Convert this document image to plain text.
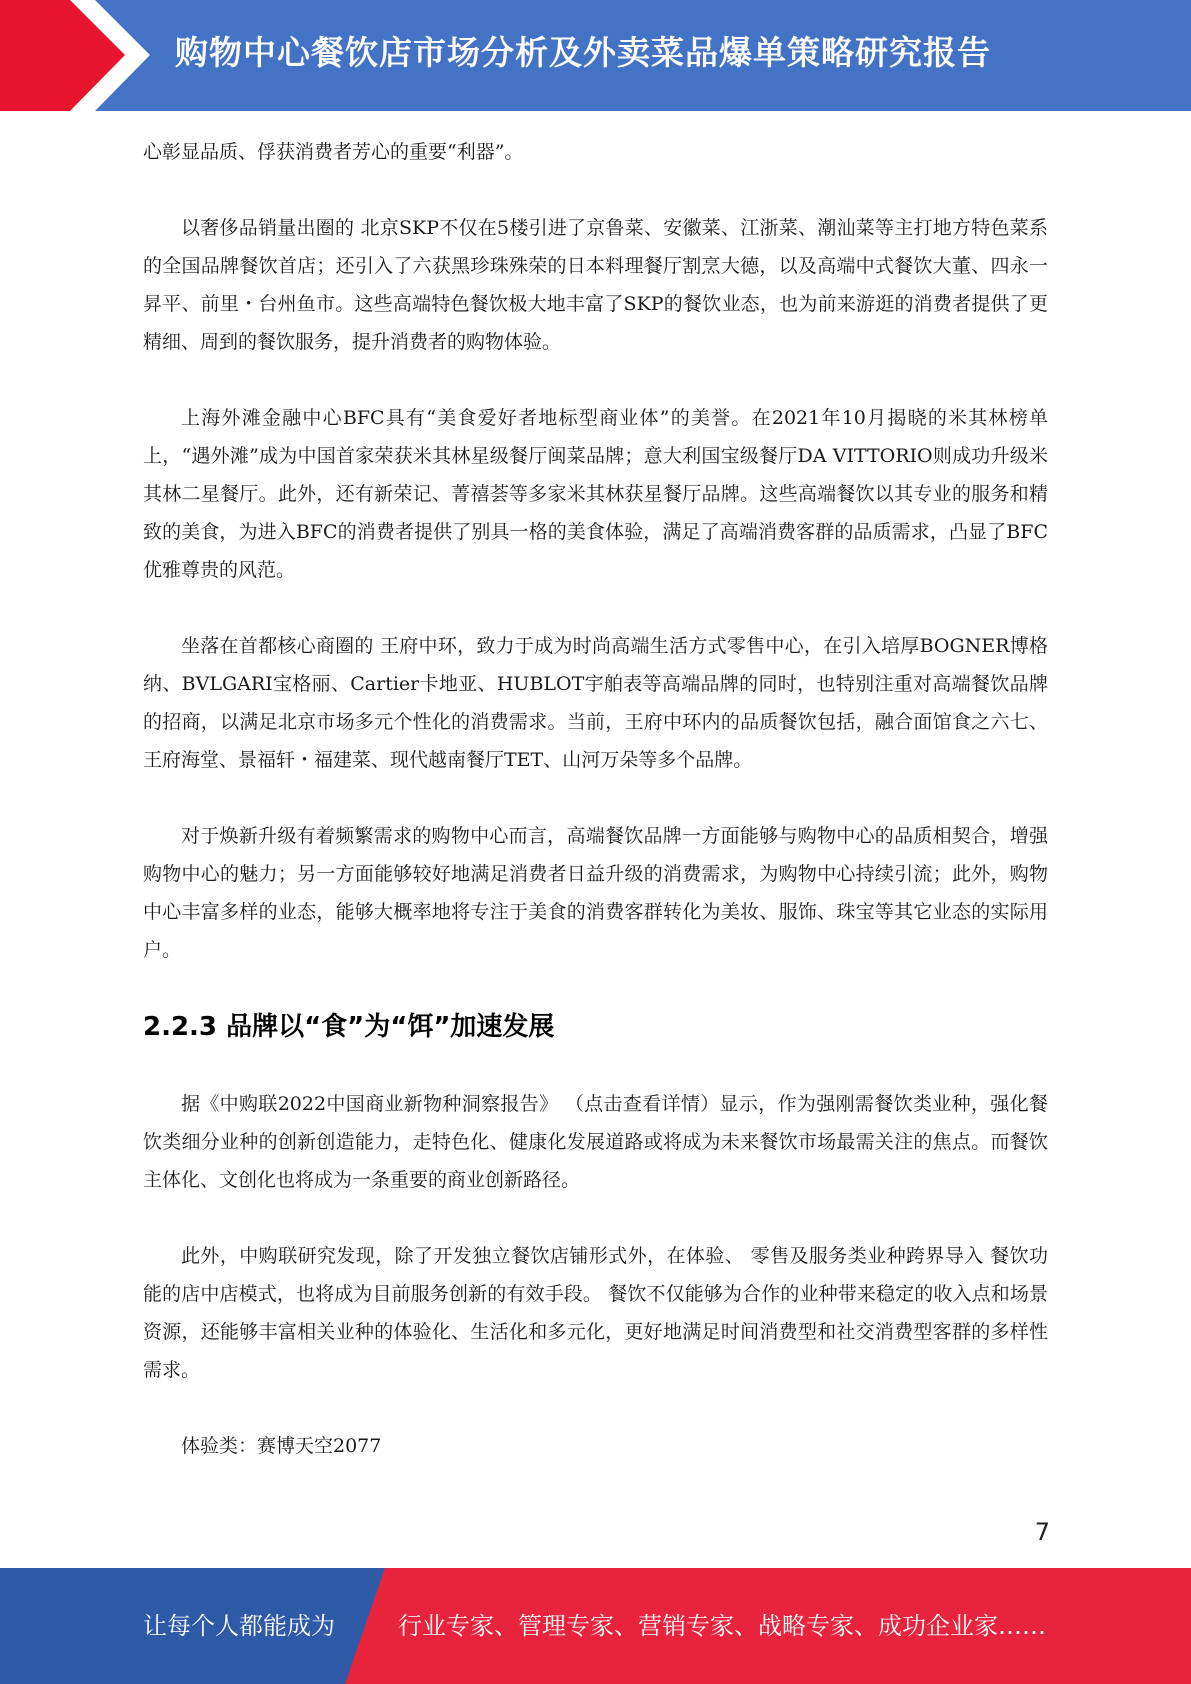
购物中心餐饮店市场分析及外卖菜品爆单策略研究报告

心彰显品质、俘获消费者芳心的重要“利器”。

以奢侈品销量出圈的 北京SKP不仅在5楼引进了京鲁菜、安徽菜、江浙菜、潮汕菜等主打地方特色菜系的全国品牌餐饮首店；还引入了六获黑珍珠殊荣的日本料理餐厅割烹大德，以及高端中式餐饮大董、四永一昇平、前里・台州鱼市。这些高端特色餐饮极大地丰富了SKP的餐饮业态，也为前来游逛的消费者提供了更精细、周到的餐饮服务，提升消费者的购物体验。

上海外滩金融中心BFC具有“美食爱好者地标型商业体”的美誉。在2021年10月揭晓的米其林榜单上，“遇外滩”成为中国首家荣获米其林星级餐厅闽菜品牌；意大利国宝级餐厅DA VITTORIO则成功升级米其林二星餐厅。此外，还有新荣记、菁禧荟等多家米其林获星餐厅品牌。这些高端餐饮以其专业的服务和精致的美食，为进入BFC的消费者提供了别具一格的美食体验，满足了高端消费客群的品质需求，凸显了BFC优雅尊贵的风范。

坐落在首都核心商圈的 王府中环，致力于成为时尚高端生活方式零售中心，在引入培厚BOGNER博格纳、BVLGARI宝格丽、Cartier卡地亚、HUBLOT宇舶表等高端品牌的同时，也特别注重对高端餐饮品牌的招商，以满足北京市场多元个性化的消费需求。当前，王府中环内的品质餐饮包括，融合面馆食之六七、王府海堂、景福轩・福建菜、现代越南餐厅TET、山河万朵等多个品牌。

对于焕新升级有着频繁需求的购物中心而言，高端餐饮品牌一方面能够与购物中心的品质相契合，增强购物中心的魅力；另一方面能够较好地满足消费者日益升级的消费需求，为购物中心持续引流；此外，购物中心丰富多样的业态，能够大概率地将专注于美食的消费客群转化为美妆、服饰、珠宝等其它业态的实际用户。

2.2.3 品牌以“食”为“饵”加速发展

据《中购联2022中国商业新物种洞察报告》 （点击查看详情）显示，作为强刚需餐饮类业种，强化餐饮类细分业种的创新创造能力，走特色化、健康化发展道路或将成为未来餐饮市场最需关注的焦点。而餐饮主体化、文创化也将成为一条重要的商业创新路径。

此外，中购联研究发现，除了开发独立餐饮店铺形式外，在体验、 零售及服务类业种跨界导入 餐饮功能的店中店模式，也将成为目前服务创新的有效手段。 餐饮不仅能够为合作的业种带来稳定的收入点和场景资源，还能够丰富相关业种的体验化、生活化和多元化，更好地满足时间消费型和社交消费型客群的多样性需求。

体验类：赛博天空2077

7
让每个人都能成为	行业专家、管理专家、营销专家、战略专家、成功企业家……
